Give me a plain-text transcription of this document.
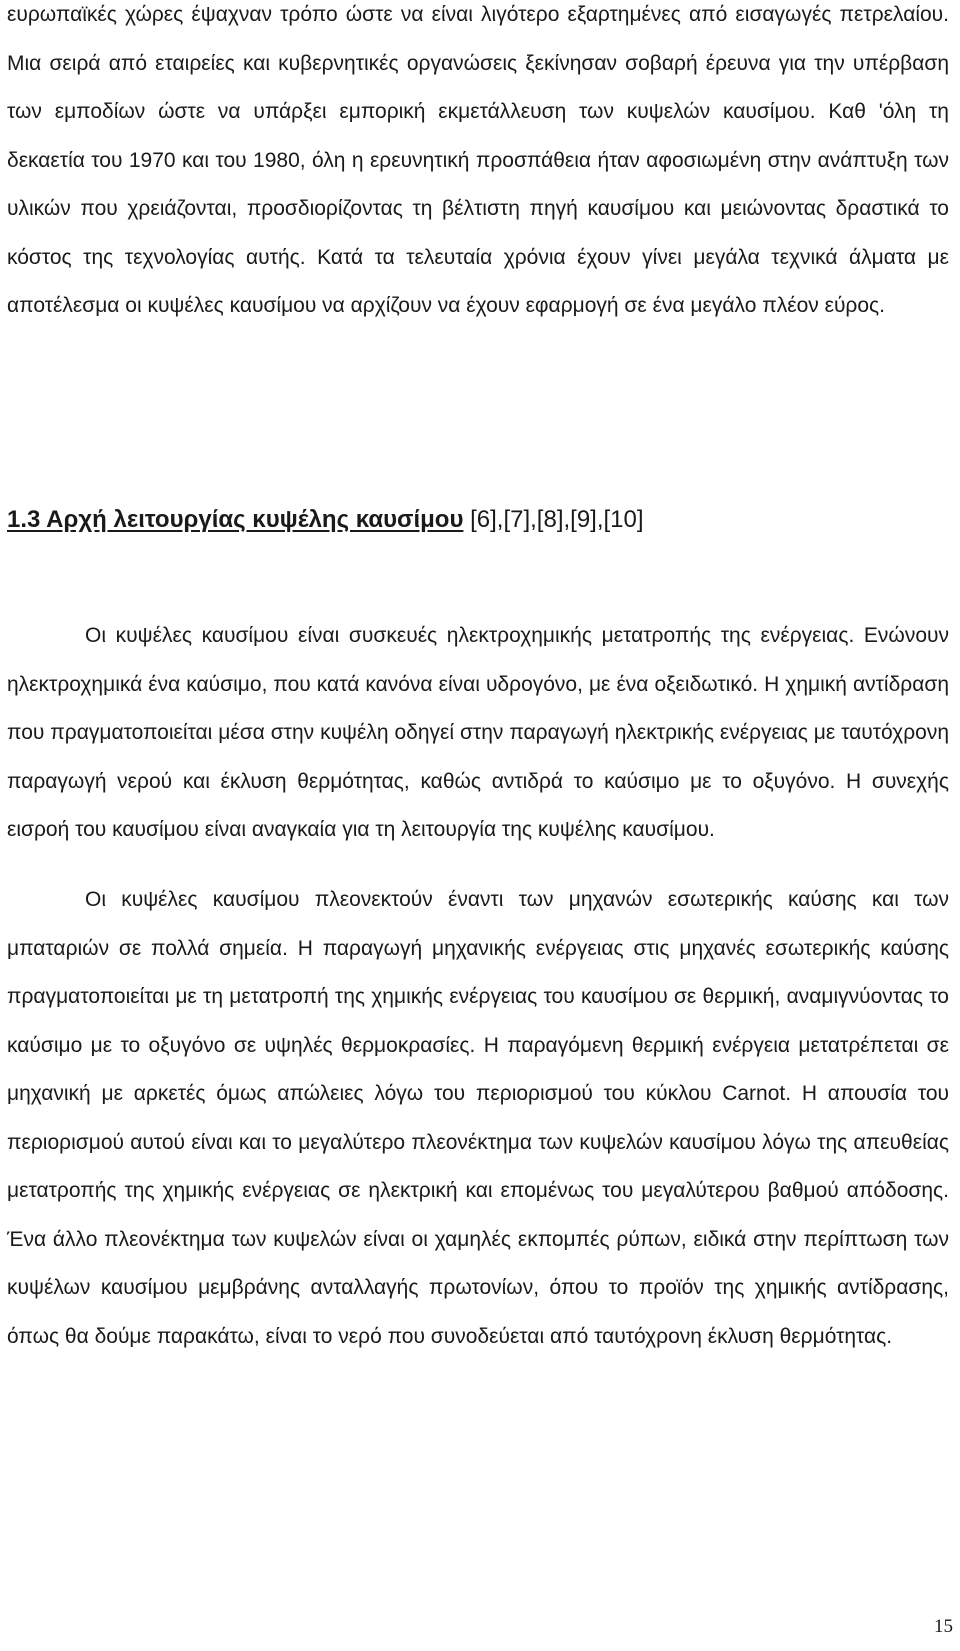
ευρωπαϊκές χώρες έψαχναν τρόπο ώστε να είναι λιγότερο εξαρτημένες από εισαγωγές πετρελαίου. Μια σειρά από εταιρείες και κυβερνητικές οργανώσεις ξεκίνησαν σοβαρή έρευνα για την υπέρβαση των εμποδίων ώστε να υπάρξει εμπορική εκμετάλλευση των κυψελών καυσίμου. Καθ 'όλη τη δεκαετία του 1970 και του 1980, όλη η ερευνητική προσπάθεια ήταν αφοσιωμένη στην ανάπτυξη των υλικών που χρειάζονται, προσδιορίζοντας τη βέλτιστη πηγή καυσίμου και μειώνοντας δραστικά το κόστος της τεχνολογίας αυτής. Κατά τα τελευταία χρόνια έχουν γίνει μεγάλα τεχνικά άλματα με αποτέλεσμα οι κυψέλες καυσίμου να αρχίζουν να έχουν εφαρμογή σε ένα μεγάλο πλέον εύρος.

1.3 Αρχή λειτουργίας κυψέλης καυσίμου [6],[7],[8],[9],[10]

Οι κυψέλες καυσίμου είναι συσκευές ηλεκτροχημικής μετατροπής της ενέργειας. Ενώνουν ηλεκτροχημικά ένα καύσιμο, που κατά κανόνα είναι υδρογόνο, με ένα οξειδωτικό. Η χημική αντίδραση που πραγματοποιείται μέσα στην κυψέλη οδηγεί στην παραγωγή ηλεκτρικής ενέργειας με ταυτόχρονη παραγωγή νερού και έκλυση θερμότητας, καθώς αντιδρά το καύσιμο με το οξυγόνο. Η συνεχής εισροή του καυσίμου είναι αναγκαία για τη λειτουργία της κυψέλης καυσίμου.

Οι κυψέλες καυσίμου πλεονεκτούν έναντι των μηχανών εσωτερικής καύσης και των μπαταριών σε πολλά σημεία. Η παραγωγή μηχανικής ενέργειας στις μηχανές εσωτερικής καύσης πραγματοποιείται με τη μετατροπή της χημικής ενέργειας του καυσίμου σε θερμική, αναμιγνύοντας το καύσιμο με το οξυγόνο σε υψηλές θερμοκρασίες. Η παραγόμενη θερμική ενέργεια μετατρέπεται σε μηχανική με αρκετές όμως απώλειες λόγω του περιορισμού του κύκλου Carnot. Η απουσία του περιορισμού αυτού είναι και το μεγαλύτερο πλεονέκτημα των κυψελών καυσίμου λόγω της απευθείας μετατροπής της χημικής ενέργειας σε ηλεκτρική και επομένως του μεγαλύτερου βαθμού απόδοσης. Ένα άλλο πλεονέκτημα των κυψελών είναι οι χαμηλές εκπομπές ρύπων, ειδικά στην περίπτωση των κυψέλων καυσίμου μεμβράνης ανταλλαγής πρωτονίων, όπου το προϊόν της χημικής αντίδρασης, όπως θα δούμε παρακάτω, είναι το νερό που συνοδεύεται από ταυτόχρονη έκλυση θερμότητας.

15
